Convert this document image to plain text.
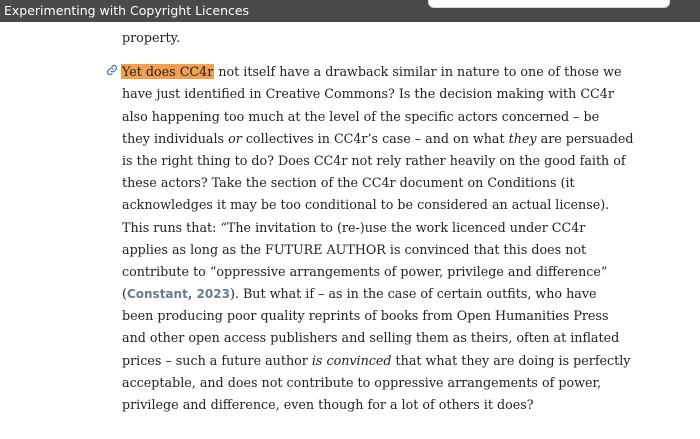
Experimenting with Copyright Licences

property.

Yet does CC4r not itself have a drawback similar in nature to one of those we
have just identified in Creative Commons? Is the decision making with CC4r
also happening too much at the level of the specific actors concerned – be
they individuals or collectives in CC4r’s case – and on what they are persuaded
is the right thing to do? Does CC4r not rely rather heavily on the good faith of
these actors? Take the section of the CC4r document on Conditions (it
acknowledges it may be too conditional to be considered an actual license).
This runs that: “The invitation to (re-)use the work licenced under CC4r
applies as long as the FUTURE AUTHOR is convinced that this does not
contribute to “oppressive arrangements of power, privilege and difference”
(Constant, 2023). But what if – as in the case of certain outfits, who have
been producing poor quality reprints of books from Open Humanities Press
and other open access publishers and selling them as theirs, often at inflated
prices – such a future author is convinced that what they are doing is perfectly
acceptable, and does not contribute to oppressive arrangements of power,
privilege and difference, even though for a lot of others it does?
